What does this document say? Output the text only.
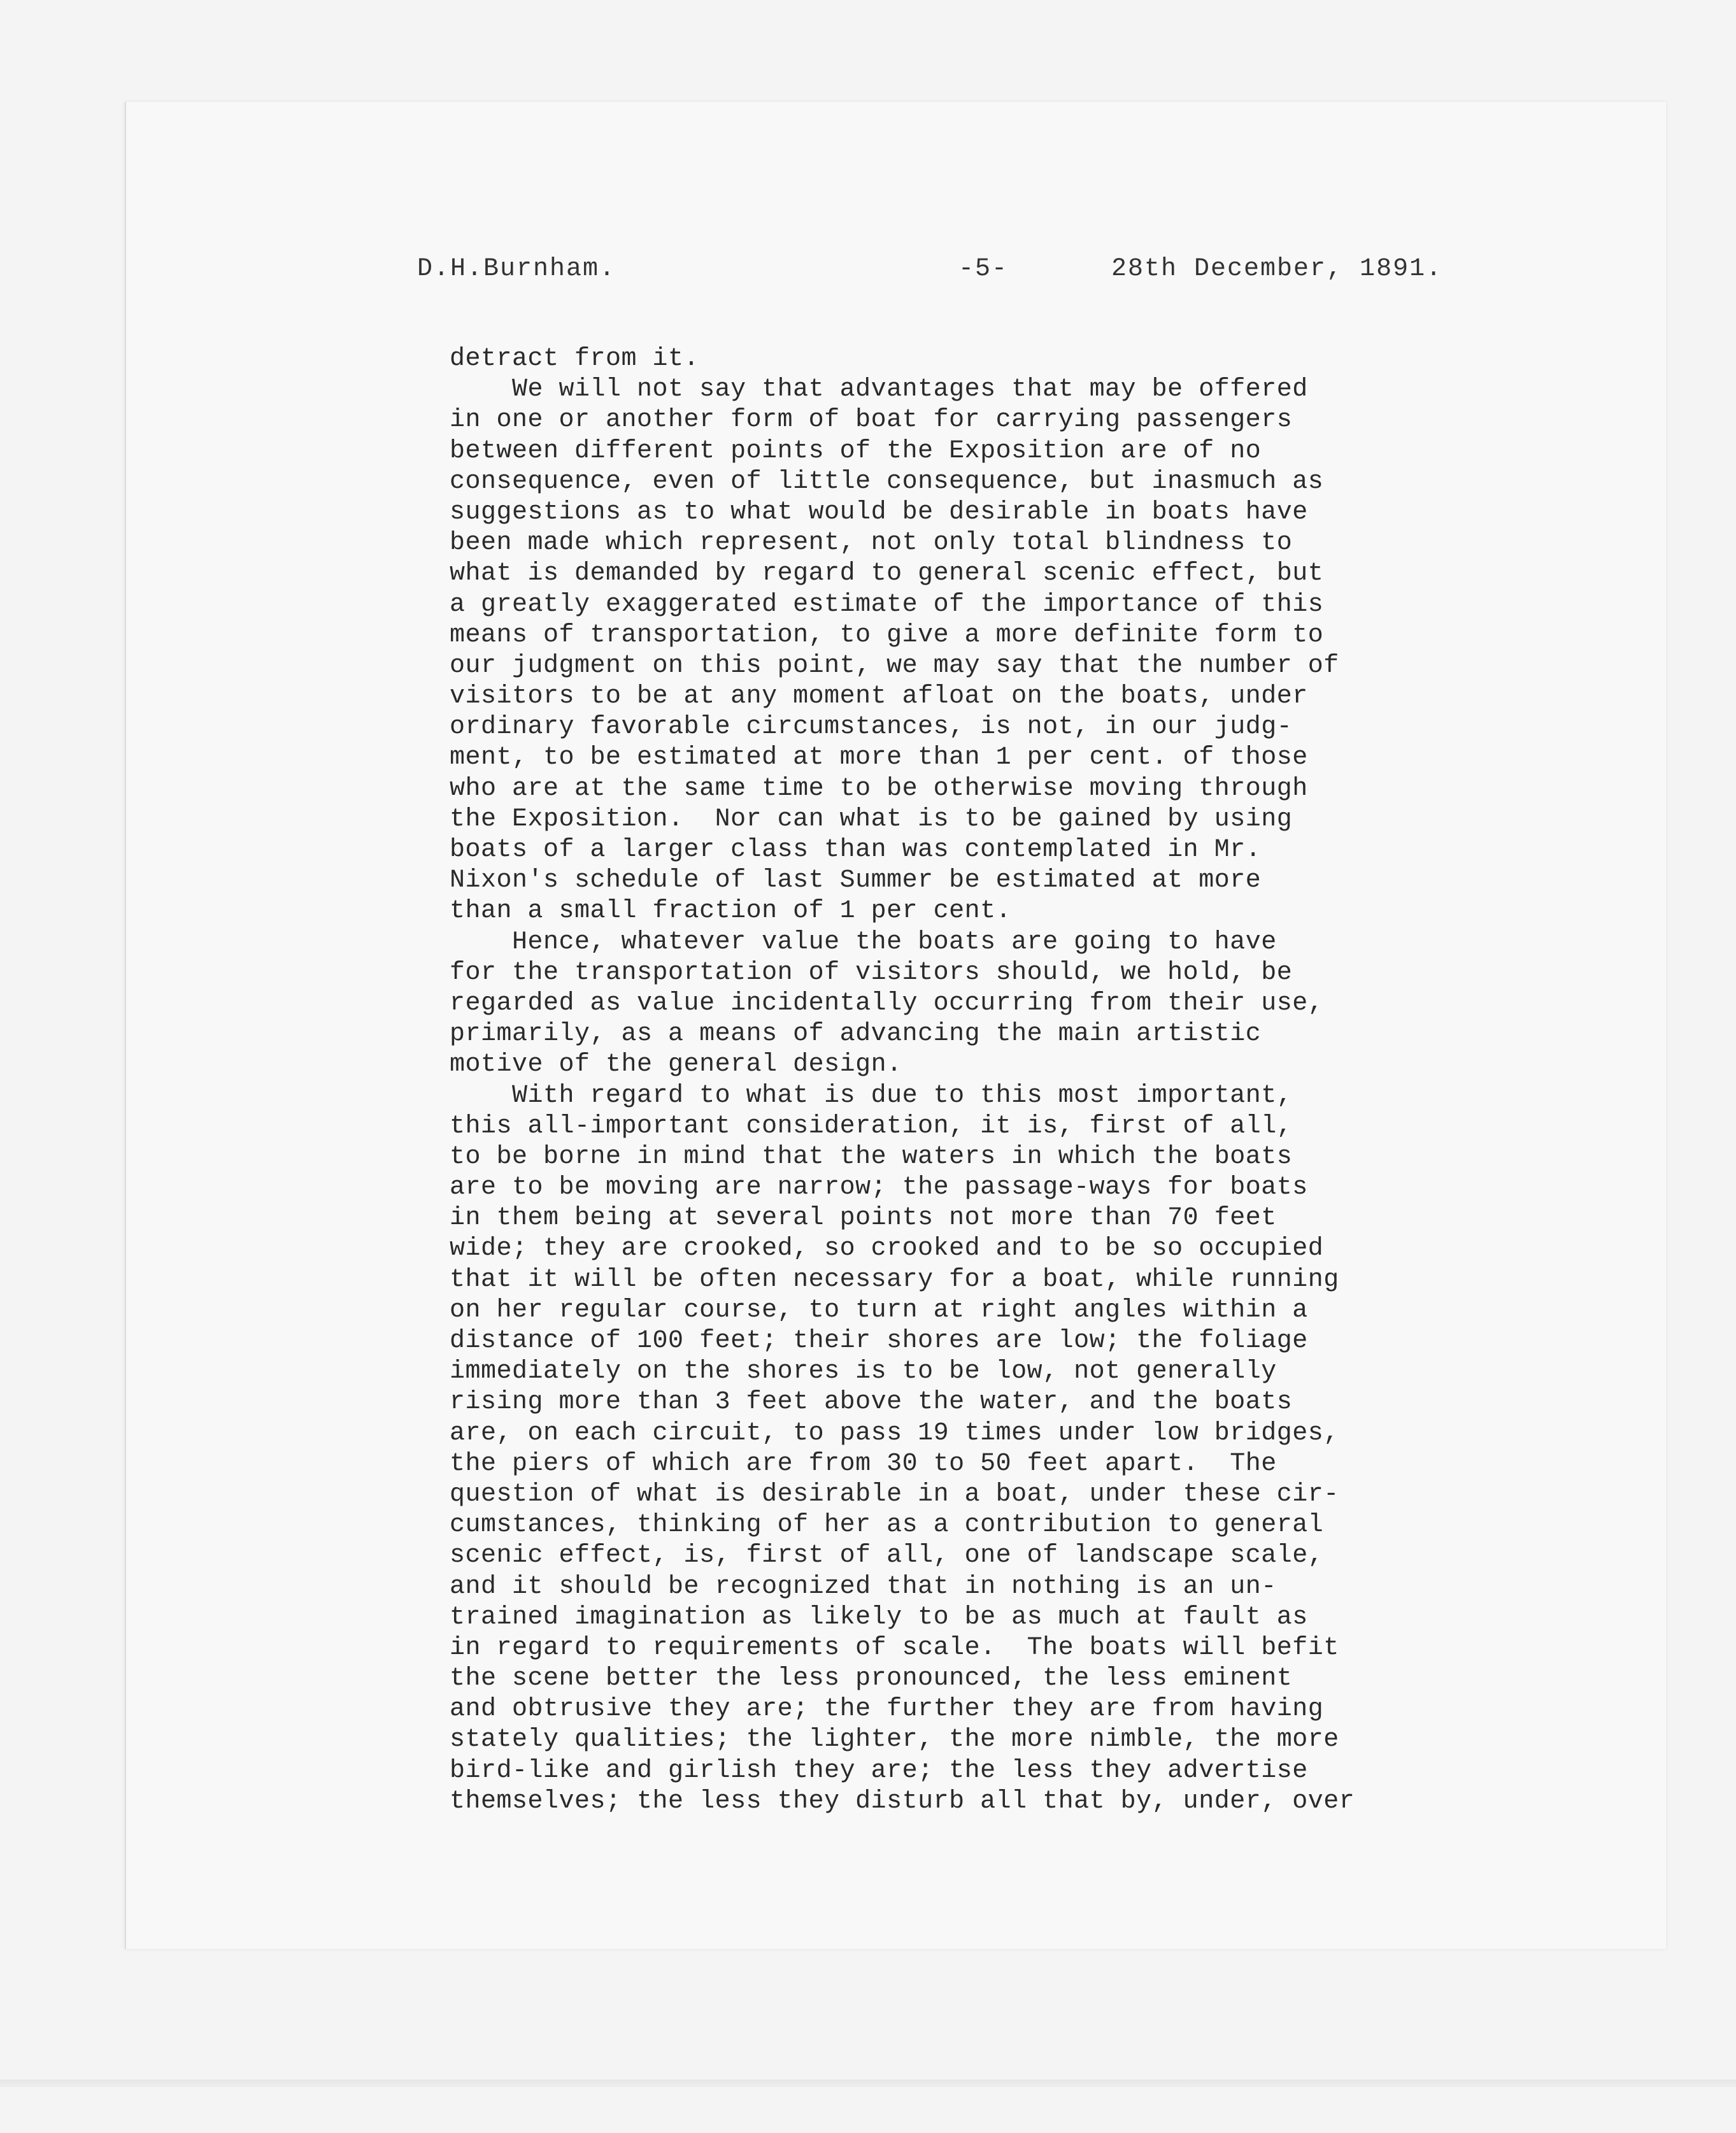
D.H.Burnham.	-5-	28th December, 1891.
detract from it.
We will not say that advantages that may be offered
in one or another form of boat for carrying passengers
between different points of the Exposition are of no
consequence, even of little consequence, but inasmuch as
suggestions as to what would be desirable in boats have
been made which represent, not only total blindness to
what is demanded by regard to general scenic effect, but
a greatly exaggerated estimate of the importance of this
means of transportation, to give a more definite form to
our judgment on this point, we may say that the number of
visitors to be at any moment afloat on the boats, under
ordinary favorable circumstances, is not, in our judg-
ment, to be estimated at more than 1 per cent. of those
who are at the same time to be otherwise moving through
the Exposition.  Nor can what is to be gained by using
boats of a larger class than was contemplated in Mr.
Nixon's schedule of last Summer be estimated at more
than a small fraction of 1 per cent.
Hence, whatever value the boats are going to have
for the transportation of visitors should, we hold, be
regarded as value incidentally occurring from their use,
primarily, as a means of advancing the main artistic
motive of the general design.
With regard to what is due to this most important,
this all-important consideration, it is, first of all,
to be borne in mind that the waters in which the boats
are to be moving are narrow; the passage-ways for boats
in them being at several points not more than 70 feet
wide; they are crooked, so crooked and to be so occupied
that it will be often necessary for a boat, while running
on her regular course, to turn at right angles within a
distance of 100 feet; their shores are low; the foliage
immediately on the shores is to be low, not generally
rising more than 3 feet above the water, and the boats
are, on each circuit, to pass 19 times under low bridges,
the piers of which are from 30 to 50 feet apart.  The
question of what is desirable in a boat, under these cir-
cumstances, thinking of her as a contribution to general
scenic effect, is, first of all, one of landscape scale,
and it should be recognized that in nothing is an un-
trained imagination as likely to be as much at fault as
in regard to requirements of scale.  The boats will befit
the scene better the less pronounced, the less eminent
and obtrusive they are; the further they are from having
stately qualities; the lighter, the more nimble, the more
bird-like and girlish they are; the less they advertise
themselves; the less they disturb all that by, under, over
